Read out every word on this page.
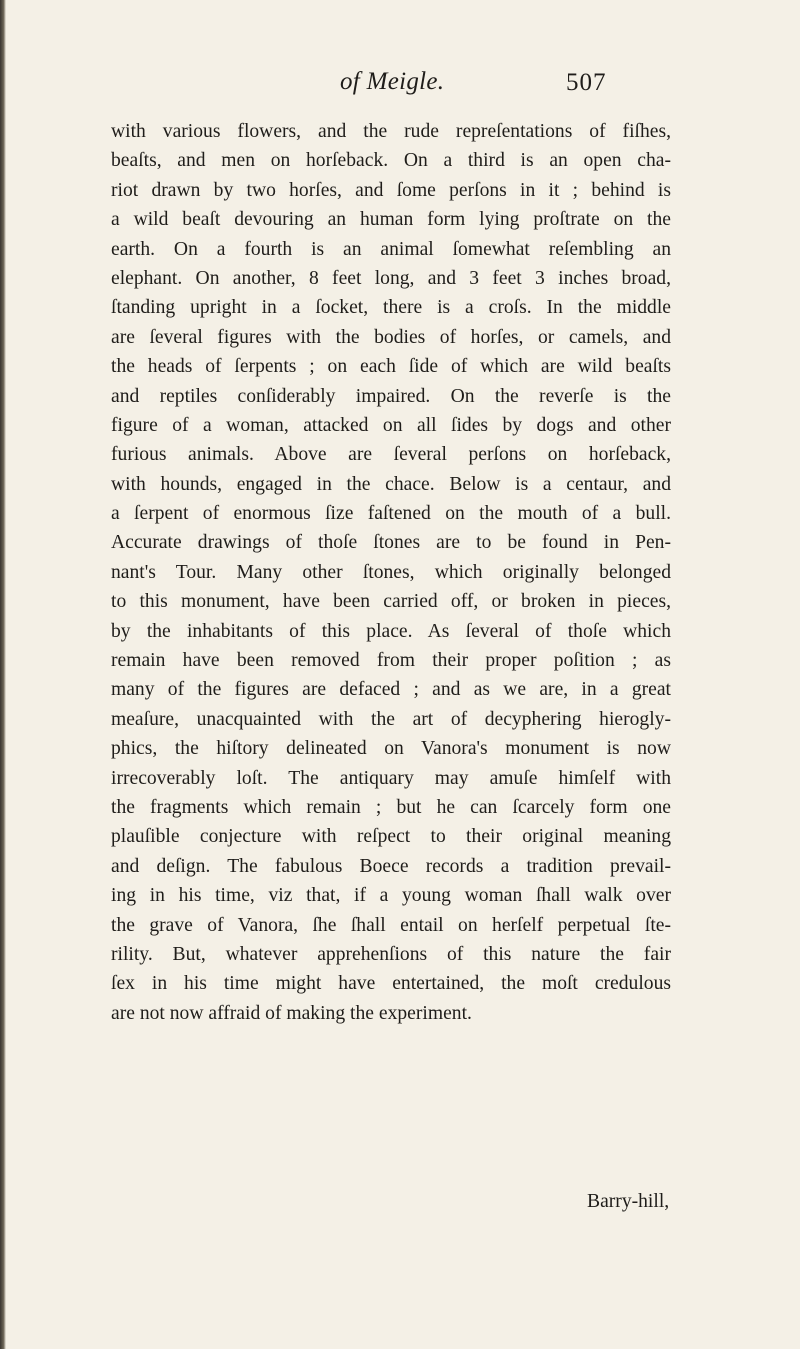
of Meigle.	507

with various flowers, and the rude repreſentations of fiſhes,
beaſts, and men on horſeback. On a third is an open cha-
riot drawn by two horſes, and ſome perſons in it ; behind is
a wild beaſt devouring an human form lying proſtrate on the
earth. On a fourth is an animal ſomewhat reſembling an
elephant. On another, 8 feet long, and 3 feet 3 inches broad,
ſtanding upright in a ſocket, there is a croſs. In the middle
are ſeveral figures with the bodies of horſes, or camels, and
the heads of ſerpents ; on each ſide of which are wild beaſts
and reptiles conſiderably impaired. On the reverſe is the
figure of a woman, attacked on all ſides by dogs and other
furious animals. Above are ſeveral perſons on horſeback,
with hounds, engaged in the chace. Below is a centaur, and
a ſerpent of enormous ſize faſtened on the mouth of a bull.
Accurate drawings of thoſe ſtones are to be found in Pen-
nant's Tour. Many other ſtones, which originally belonged
to this monument, have been carried off, or broken in pieces,
by the inhabitants of this place. As ſeveral of thoſe which
remain have been removed from their proper poſition ; as
many of the figures are defaced ; and as we are, in a great
meaſure, unacquainted with the art of decyphering hierogly-
phics, the hiſtory delineated on Vanora's monument is now
irrecoverably loſt. The antiquary may amuſe himſelf with
the fragments which remain ; but he can ſcarcely form one
plauſible conjecture with reſpect to their original meaning
and deſign. The fabulous Boece records a tradition prevail-
ing in his time, viz that, if a young woman ſhall walk over
the grave of Vanora, ſhe ſhall entail on herſelf perpetual ſte-
rility. But, whatever apprehenſions of this nature the fair
ſex in his time might have entertained, the moſt credulous
are not now affraid of making the experiment.

Barry-hill,
